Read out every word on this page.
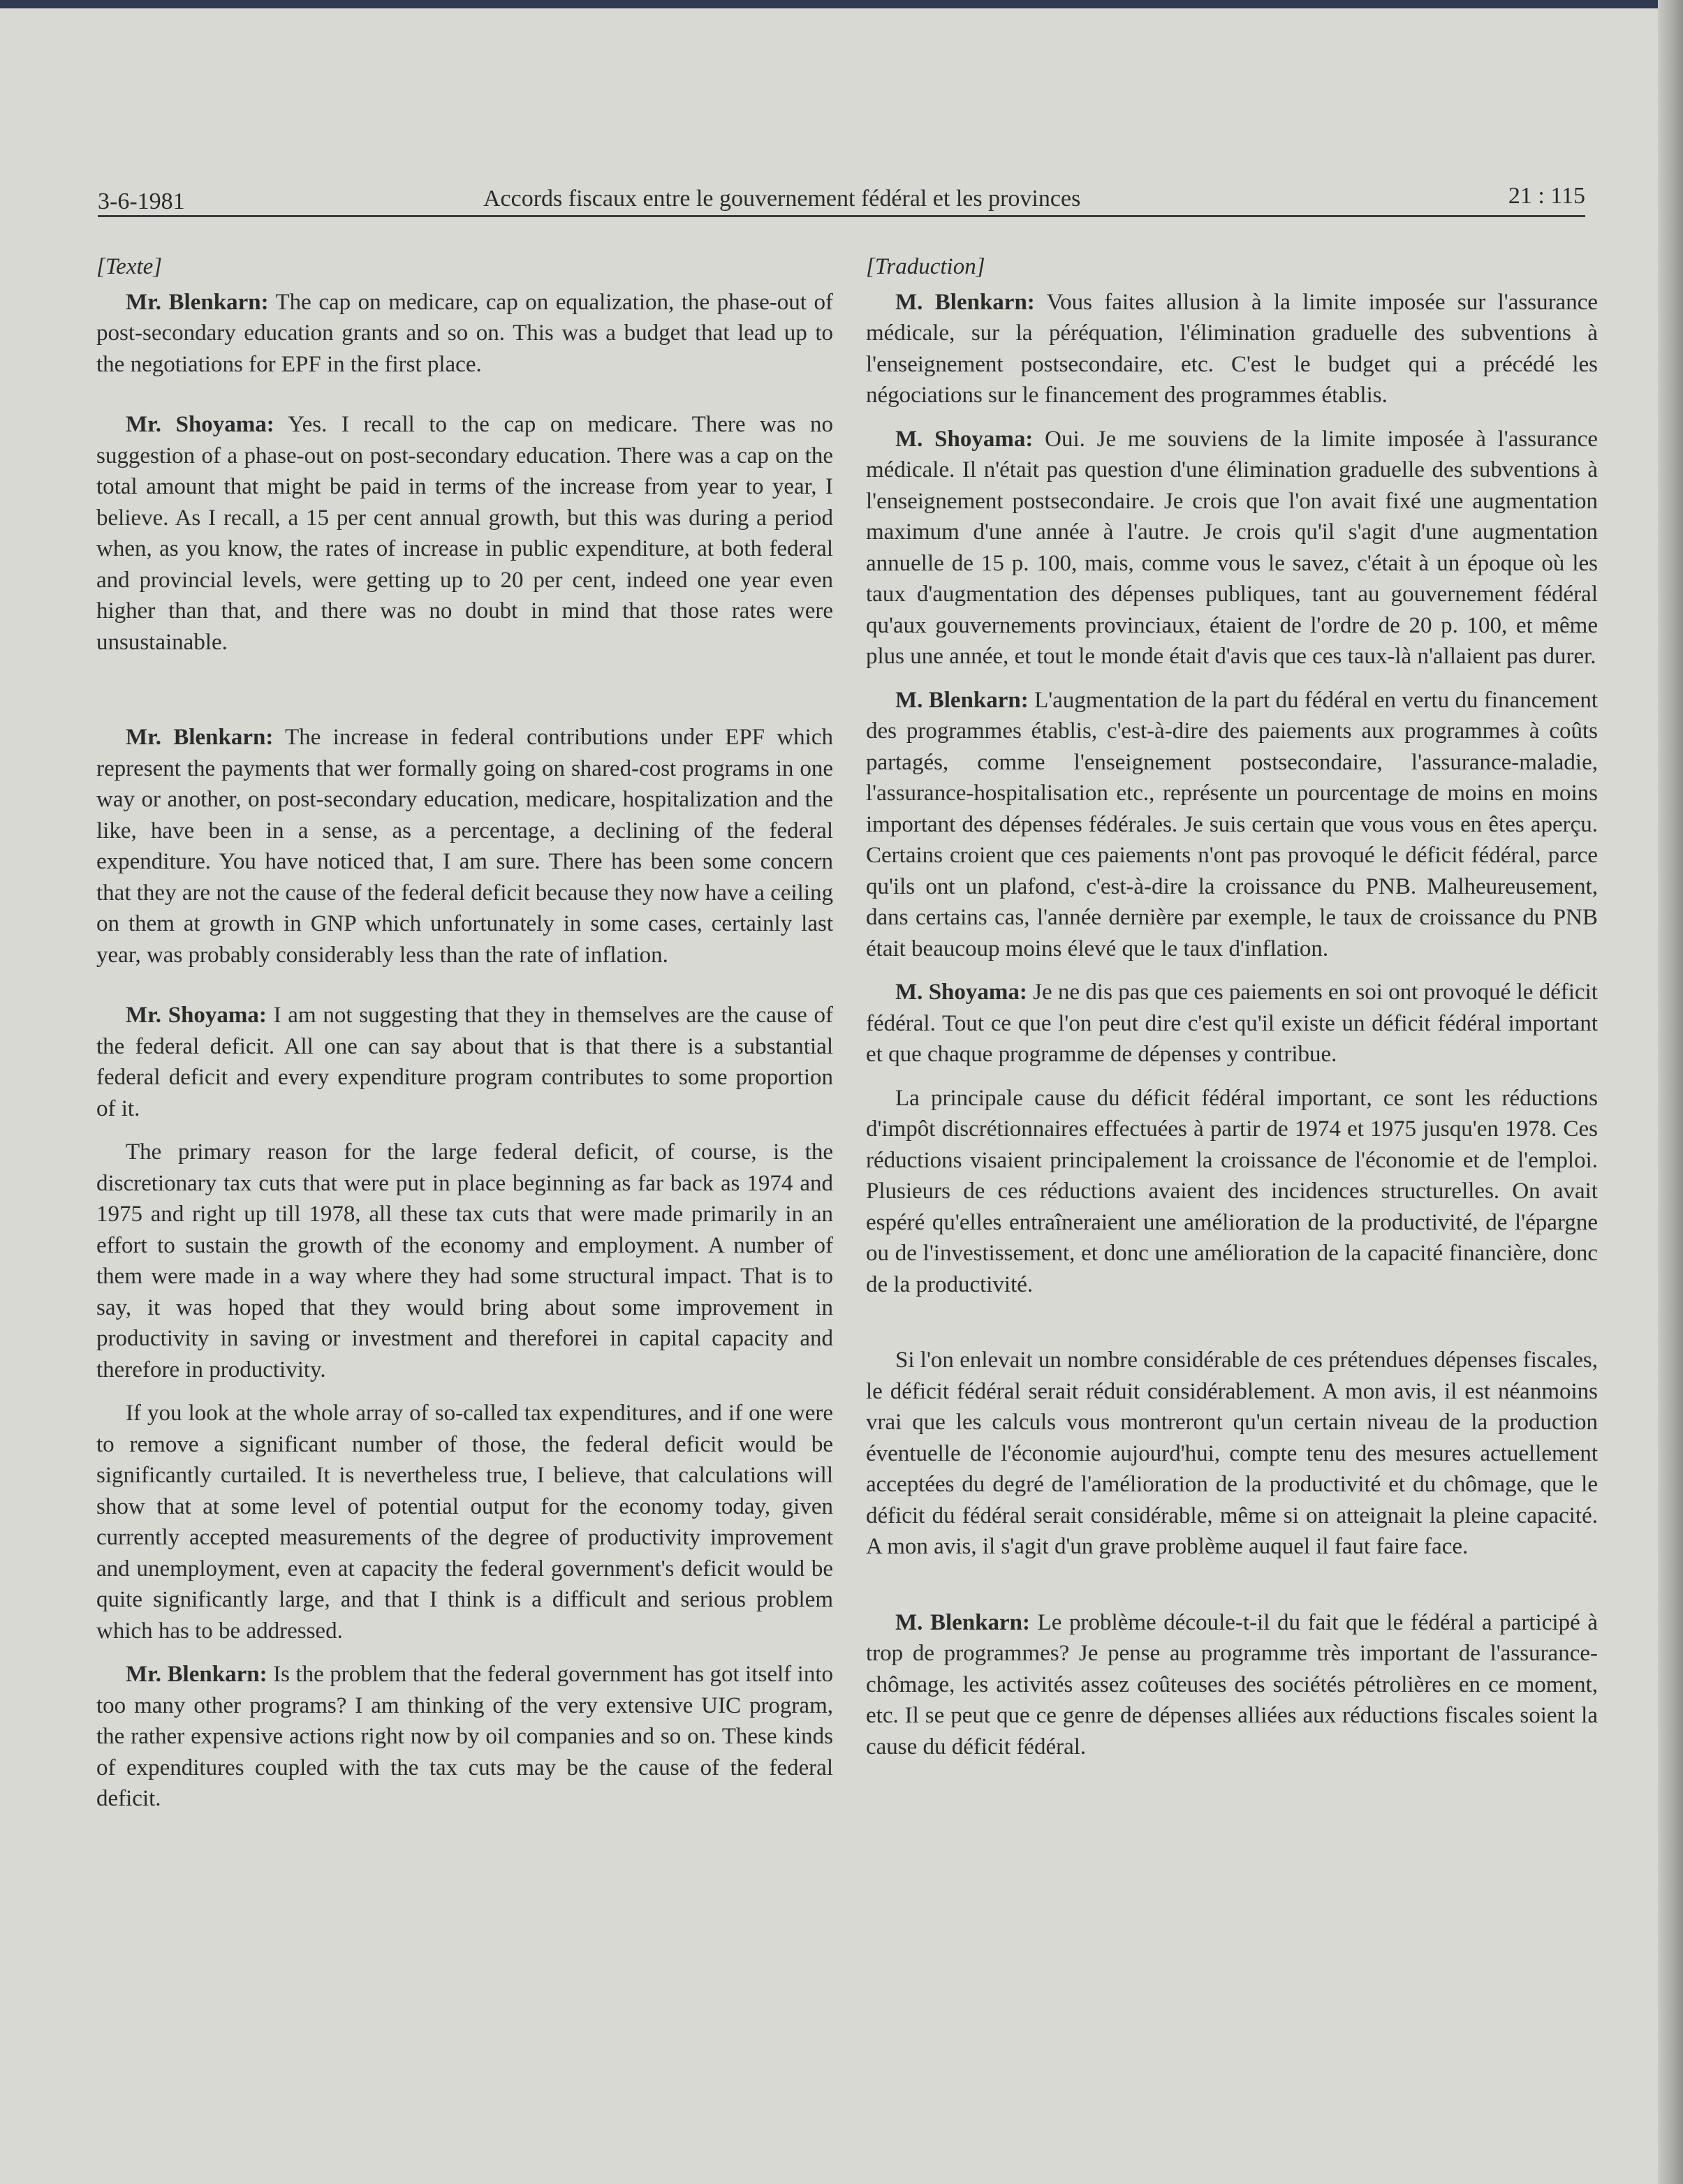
3-6-1981	Accords fiscaux entre le gouvernement fédéral et les provinces	21 : 115

[Texte]

Mr. Blenkarn: The cap on medicare, cap on equalization, the phase-out of post-secondary education grants and so on. This was a budget that lead up to the negotiations for EPF in the first place.

Mr. Shoyama: Yes. I recall to the cap on medicare. There was no suggestion of a phase-out on post-secondary education. There was a cap on the total amount that might be paid in terms of the increase from year to year, I believe. As I recall, a 15 per cent annual growth, but this was during a period when, as you know, the rates of increase in public expenditure, at both federal and provincial levels, were getting up to 20 per cent, indeed one year even higher than that, and there was no doubt in mind that those rates were unsustainable.

Mr. Blenkarn: The increase in federal contributions under EPF which represent the payments that wer formally going on shared-cost programs in one way or another, on post-secondary education, medicare, hospitalization and the like, have been in a sense, as a percentage, a declining of the federal expenditure. You have noticed that, I am sure. There has been some concern that they are not the cause of the federal deficit because they now have a ceiling on them at growth in GNP which unfortunately in some cases, certainly last year, was probably considerably less than the rate of inflation.

Mr. Shoyama: I am not suggesting that they in themselves are the cause of the federal deficit. All one can say about that is that there is a substantial federal deficit and every expenditure program contributes to some proportion of it.

The primary reason for the large federal deficit, of course, is the discretionary tax cuts that were put in place beginning as far back as 1974 and 1975 and right up till 1978, all these tax cuts that were made primarily in an effort to sustain the growth of the economy and employment. A number of them were made in a way where they had some structural impact. That is to say, it was hoped that they would bring about some improvement in productivity in saving or investment and thereforei in capital capacity and therefore in productivity.

If you look at the whole array of so-called tax expenditures, and if one were to remove a significant number of those, the federal deficit would be significantly curtailed. It is nevertheless true, I believe, that calculations will show that at some level of potential output for the economy today, given currently accepted measurements of the degree of productivity improvement and unemployment, even at capacity the federal government's deficit would be quite significantly large, and that I think is a difficult and serious problem which has to be addressed.

Mr. Blenkarn: Is the problem that the federal government has got itself into too many other programs? I am thinking of the very extensive UIC program, the rather expensive actions right now by oil companies and so on. These kinds of expenditures coupled with the tax cuts may be the cause of the federal deficit.

[Traduction]

M. Blenkarn: Vous faites allusion à la limite imposée sur l'assurance médicale, sur la péréquation, l'élimination graduelle des subventions à l'enseignement postsecondaire, etc. C'est le budget qui a précédé les négociations sur le financement des programmes établis.

M. Shoyama: Oui. Je me souviens de la limite imposée à l'assurance médicale. Il n'était pas question d'une élimination graduelle des subventions à l'enseignement postsecondaire. Je crois que l'on avait fixé une augmentation maximum d'une année à l'autre. Je crois qu'il s'agit d'une augmentation annuelle de 15 p. 100, mais, comme vous le savez, c'était à un époque où les taux d'augmentation des dépenses publiques, tant au gouvernement fédéral qu'aux gouvernements provinciaux, étaient de l'ordre de 20 p. 100, et même plus une année, et tout le monde était d'avis que ces taux-là n'allaient pas durer.

M. Blenkarn: L'augmentation de la part du fédéral en vertu du financement des programmes établis, c'est-à-dire des paiements aux programmes à coûts partagés, comme l'enseignement postsecondaire, l'assurance-maladie, l'assurance-hospitalisation etc., représente un pourcentage de moins en moins important des dépenses fédérales. Je suis certain que vous vous en êtes aperçu. Certains croient que ces paiements n'ont pas provoqué le déficit fédéral, parce qu'ils ont un plafond, c'est-à-dire la croissance du PNB. Malheureusement, dans certains cas, l'année dernière par exemple, le taux de croissance du PNB était beaucoup moins élevé que le taux d'inflation.

M. Shoyama: Je ne dis pas que ces paiements en soi ont provoqué le déficit fédéral. Tout ce que l'on peut dire c'est qu'il existe un déficit fédéral important et que chaque programme de dépenses y contribue.

La principale cause du déficit fédéral important, ce sont les réductions d'impôt discrétionnaires effectuées à partir de 1974 et 1975 jusqu'en 1978. Ces réductions visaient principalement la croissance de l'économie et de l'emploi. Plusieurs de ces réductions avaient des incidences structurelles. On avait espéré qu'elles entraîneraient une amélioration de la productivité, de l'épargne ou de l'investissement, et donc une amélioration de la capacité financière, donc de la productivité.

Si l'on enlevait un nombre considérable de ces prétendues dépenses fiscales, le déficit fédéral serait réduit considérablement. A mon avis, il est néanmoins vrai que les calculs vous montreront qu'un certain niveau de la production éventuelle de l'économie aujourd'hui, compte tenu des mesures actuellement acceptées du degré de l'amélioration de la productivité et du chômage, que le déficit du fédéral serait considérable, même si on atteignait la pleine capacité. A mon avis, il s'agit d'un grave problème auquel il faut faire face.

M. Blenkarn: Le problème découle-t-il du fait que le fédéral a participé à trop de programmes? Je pense au programme très important de l'assurance-chômage, les activités assez coûteuses des sociétés pétrolières en ce moment, etc. Il se peut que ce genre de dépenses alliées aux réductions fiscales soient la cause du déficit fédéral.
